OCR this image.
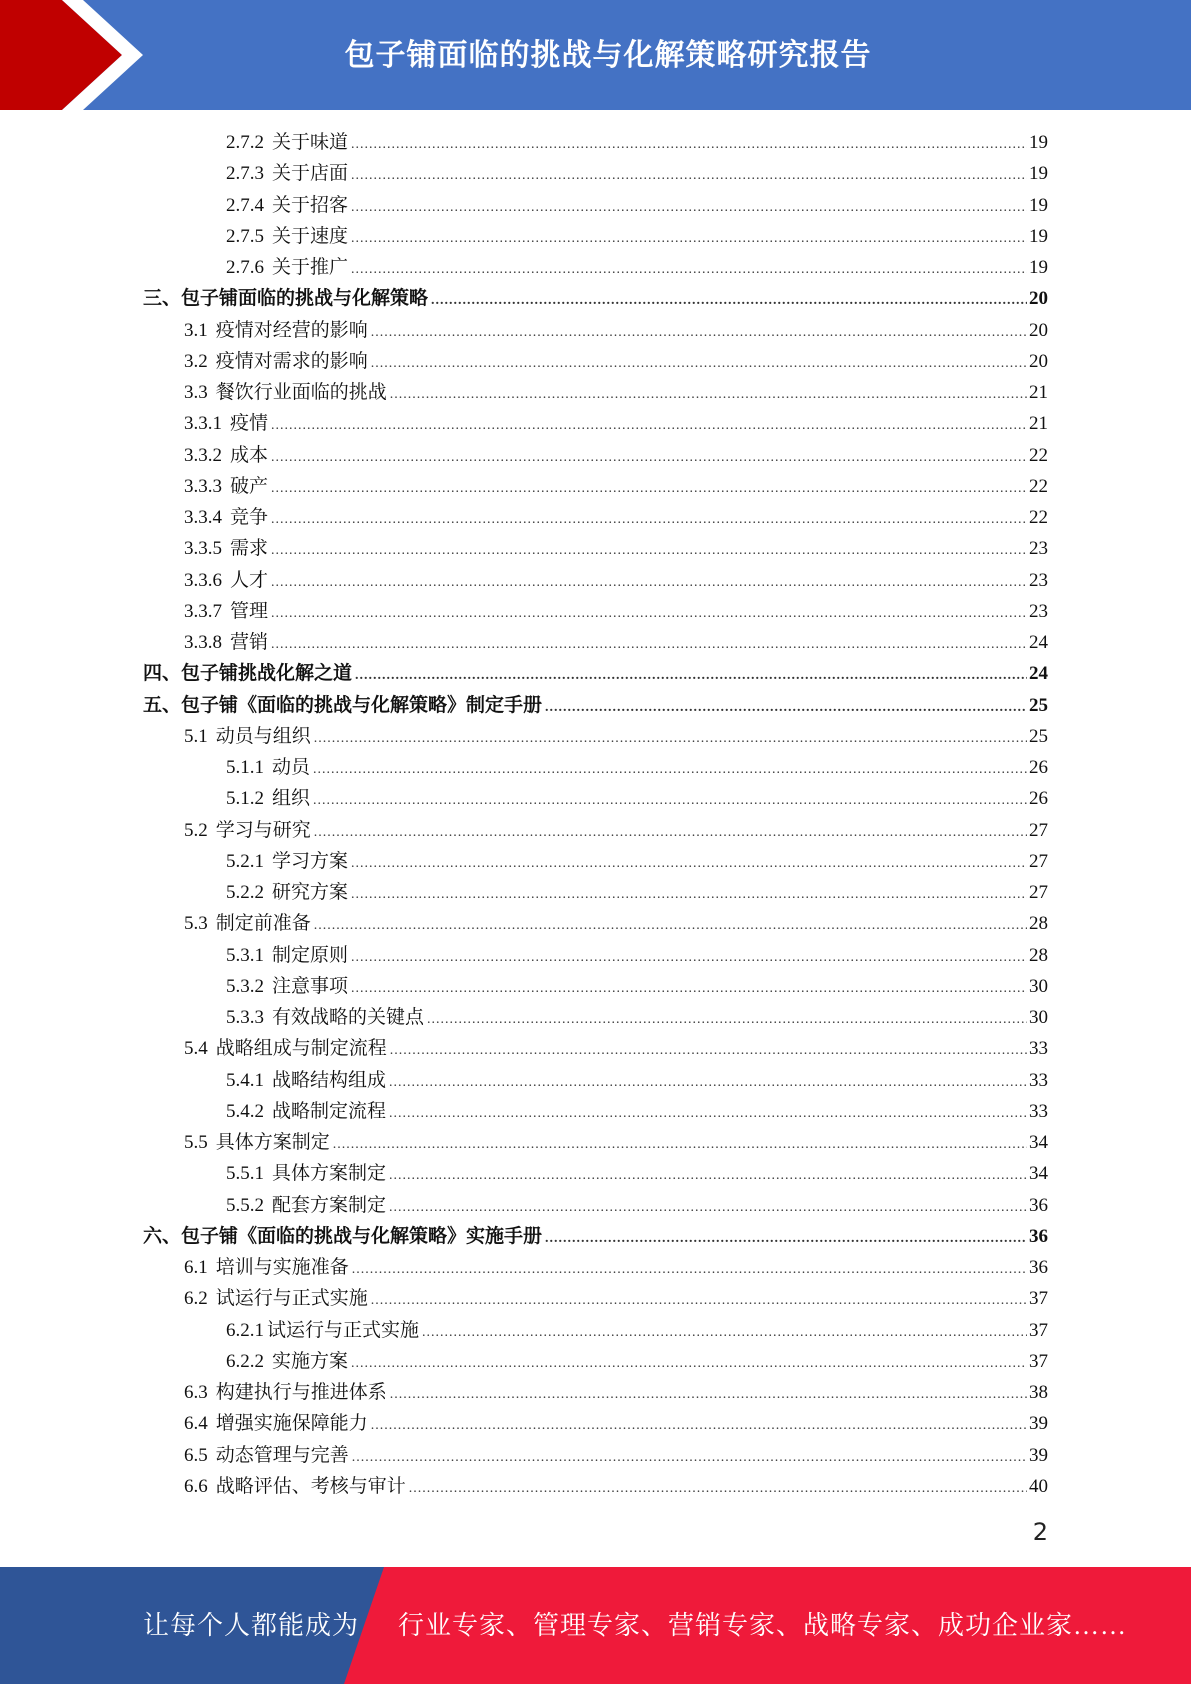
包子铺面临的挑战与化解策略研究报告
2.7.2 关于味道 .....	19
2.7.3 关于店面 .....	19
2.7.4 关于招客 .....	19
2.7.5 关于速度 .....	19
2.7.6 关于推广 .....	19
三、包子铺面临的挑战与化解策略 .....	20
3.1 疫情对经营的影响 .....	20
3.2 疫情对需求的影响 .....	20
3.3 餐饮行业面临的挑战 .....	21
3.3.1 疫情 .....	21
3.3.2 成本 .....	22
3.3.3 破产 .....	22
3.3.4 竞争 .....	22
3.3.5 需求 .....	23
3.3.6 人才 .....	23
3.3.7 管理 .....	23
3.3.8 营销 .....	24
四、包子铺挑战化解之道 .....	24
五、包子铺《面临的挑战与化解策略》制定手册 .....	25
5.1 动员与组织 .....	25
5.1.1 动员 .....	26
5.1.2 组织 .....	26
5.2 学习与研究 .....	27
5.2.1 学习方案 .....	27
5.2.2 研究方案 .....	27
5.3 制定前准备 .....	28
5.3.1 制定原则 .....	28
5.3.2 注意事项 .....	30
5.3.3 有效战略的关键点 .....	30
5.4 战略组成与制定流程 .....	33
5.4.1 战略结构组成 .....	33
5.4.2 战略制定流程 .....	33
5.5 具体方案制定 .....	34
5.5.1 具体方案制定 .....	34
5.5.2 配套方案制定 .....	36
六、包子铺《面临的挑战与化解策略》实施手册 .....	36
6.1 培训与实施准备 .....	36
6.2 试运行与正式实施 .....	37
6.2.1 试运行与正式实施 .....	37
6.2.2 实施方案 .....	37
6.3 构建执行与推进体系 .....	38
6.4 增强实施保障能力 .....	39
6.5 动态管理与完善 .....	39
6.6 战略评估、考核与审计 .....	40
2
让每个人都能成为 行业专家、管理专家、营销专家、战略专家、成功企业家……
